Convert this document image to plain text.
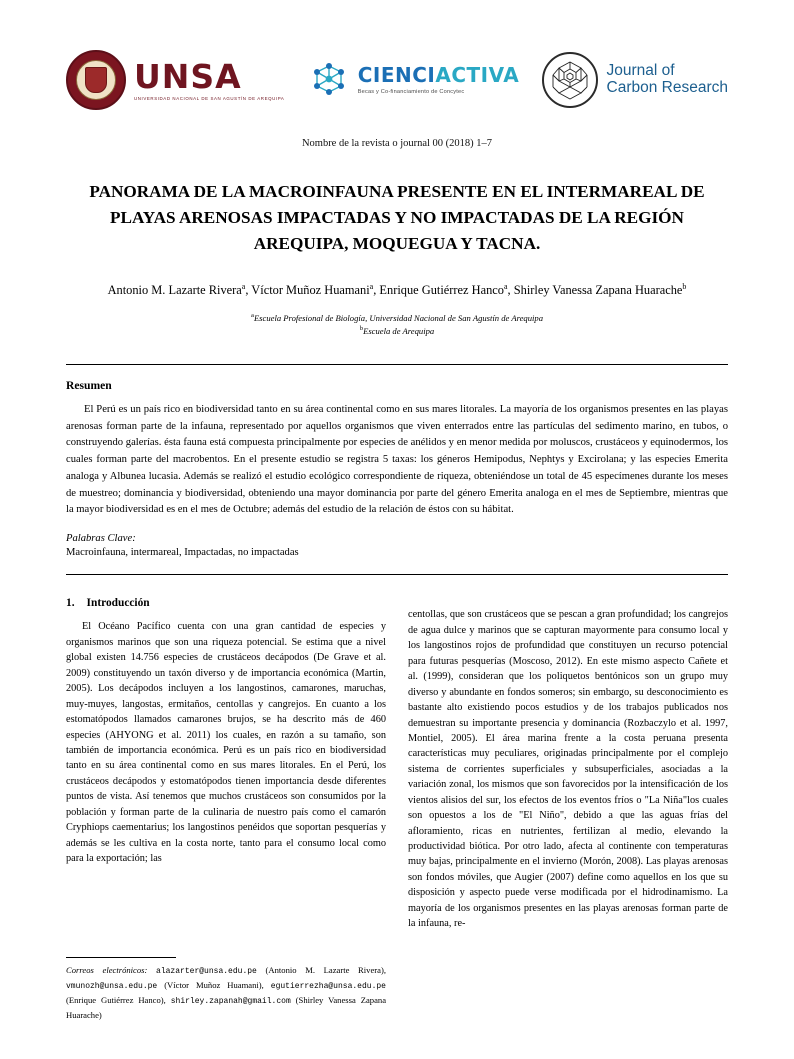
UNSA
UNIVERSIDAD NACIONAL DE SAN AGUSTÍN DE AREQUIPA
CIENCIACTIVA
Becas y Co-financiamiento de Concytec
Journal of
Carbon Research
Nombre de la revista o journal 00 (2018) 1–7
PANORAMA DE LA MACROINFAUNA PRESENTE EN EL INTERMAREAL DE PLAYAS ARENOSAS IMPACTADAS Y NO IMPACTADAS DE LA REGIÓN AREQUIPA, MOQUEGUA Y TACNA.
Antonio M. Lazarte Rivera$^a$, Víctor Muñoz Huamani$^a$, Enrique Gutiérrez Hanco$^a$, Shirley Vanessa Zapana Huarache$^b$
$^a$Escuela Profesional de Biología, Universidad Nacional de San Agustín de Arequipa
$^b$Escuela de Arequipa
Resumen
El Perú es un país rico en biodiversidad tanto en su área continental como en sus mares litorales. La mayoría de los organismos presentes en las playas arenosas forman parte de la infauna, representado por aquellos organismos que viven enterrados entre las partículas del sedimento marino, en tubos, o construyendo galerías. ésta fauna está compuesta principalmente por especies de anélidos y en menor medida por moluscos, crustáceos y equinodermos, los cuales forman parte del macrobentos. En el presente estudio se registra 5 taxas: los géneros Hemipodus, Nephtys y Excirolana; y las especies Emerita analoga y Albunea lucasia. Además se realizó el estudio ecológico correspondiente de riqueza, obteniéndose un total de 45 especímenes durante los meses de muestreo; dominancia y biodiversidad, obteniendo una mayor dominancia por parte del género Emerita analoga en el mes de Septiembre, mientras que la mayor biodiversidad es en el mes de Octubre; además del estudio de la relación de éstos con su hábitat.
Palabras Clave:
Macroinfauna, intermareal, Impactadas, no impactadas
1. Introducción

El Océano Pacífico cuenta con una gran cantidad de especies y organismos marinos que son una riqueza potencial. Se estima que a nivel global existen 14.756 especies de crustáceos decápodos (De Grave et al. 2009) constituyendo un taxón diverso y de importancia económica (Martin, 2005). Los decápodos incluyen a los langostinos, camarones, maruchas, muy-muyes, langostas, ermitaños, centollas y cangrejos. En cuanto a los estomatópodos llamados camarones brujos, se ha descrito más de 460 especies (AHYONG et al. 2011) los cuales, en razón a su tamaño, son también de importancia económica. Perú es un país rico en biodiversidad tanto en su área continental como en sus mares litorales. En el Perú, los crustáceos decápodos y estomatópodos tienen importancia desde diferentes puntos de vista. Así tenemos que muchos crustáceos son consumidos por la población y forman parte de la culinaria de nuestro país como el camarón Cryphiops caementarius; los langostinos penéidos que soportan pesquerías y además se les cultiva en la costa norte, tanto para el consumo local como para la exportación; las

centollas, que son crustáceos que se pescan a gran profundidad; los cangrejos de agua dulce y marinos que se capturan mayormente para consumo local y los langostinos rojos de profundidad que constituyen un recurso potencial para futuras pesquerías (Moscoso, 2012). En este mismo aspecto Cañete et al. (1999), consideran que los poliquetos bentónicos son un grupo muy diverso y abundante en fondos someros; sin embargo, su desconocimiento es bastante alto existiendo pocos estudios y de los trabajos publicados nos demuestran su importante presencia y dominancia (Rozbaczylo et al. 1997, Montiel, 2005). El área marina frente a la costa peruana presenta características muy peculiares, originadas principalmente por el complejo sistema de corrientes superficiales y subsuperficiales, asociadas a la variación zonal, los mismos que son favorecidos por la intensificación de los vientos alisios del sur, los efectos de los eventos fríos o "La Niña"los cuales son opuestos a los de "El Niño", debido a que las aguas frías del afloramiento, ricas en nutrientes, fertilizan al medio, elevando la productividad biótica. Por otro lado, afecta al continente con temperaturas muy bajas, principalmente en el invierno (Morón, 2008). Las playas arenosas son fondos móviles, que Augier (2007) define como aquellos en los que su disposición y aspecto puede verse modificada por el hidrodinamismo. La mayoría de los organismos presentes en las playas arenosas forman parte de la infauna, re-

Correos electrónicos: alazarter@unsa.edu.pe (Antonio M. Lazarte Rivera), vmunozh@unsa.edu.pe (Víctor Muñoz Huamani), egutierrezha@unsa.edu.pe (Enrique Gutiérrez Hanco), shirley.zapanah@gmail.com (Shirley Vanessa Zapana Huarache)
